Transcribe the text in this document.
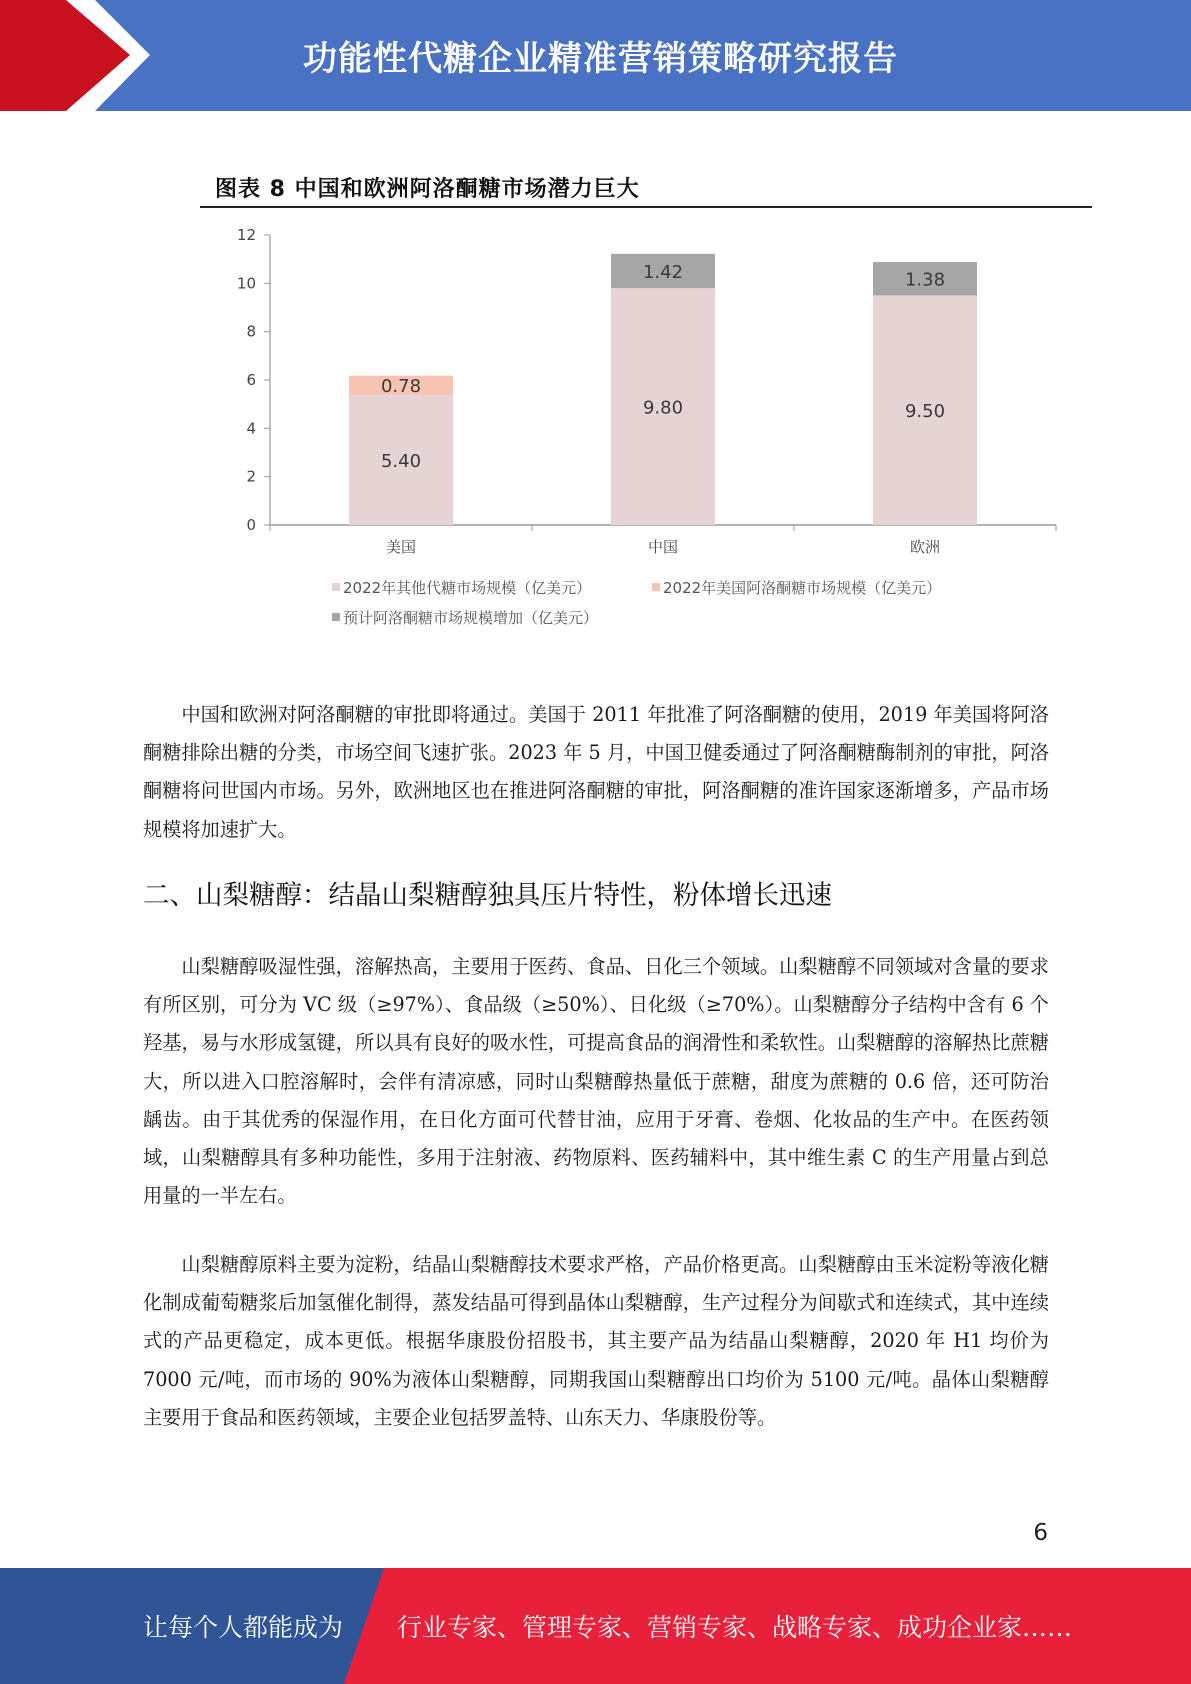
功能性代糖企业精准营销策略研究报告
图表 8 中国和欧洲阿洛酮糖市场潜力巨大
0
2
4
6
8
10
12
5.40
0.78
美国
9.80
1.42
中国
9.50
1.38
欧洲
2022年其他代糖市场规模（亿美元）	2022年美国阿洛酮糖市场规模（亿美元）
预计阿洛酮糖市场规模增加（亿美元）

中国和欧洲对阿洛酮糖的审批即将通过。美国于 2011 年批准了阿洛酮糖的使用，2019 年美国将阿洛酮糖排除出糖的分类，市场空间飞速扩张。2023 年 5 月，中国卫健委通过了阿洛酮糖酶制剂的审批，阿洛酮糖将问世国内市场。另外，欧洲地区也在推进阿洛酮糖的审批，阿洛酮糖的准许国家逐渐增多，产品市场规模将加速扩大。

二、山梨糖醇：结晶山梨糖醇独具压片特性，粉体增长迅速

山梨糖醇吸湿性强，溶解热高，主要用于医药、食品、日化三个领域。山梨糖醇不同领域对含量的要求有所区别，可分为 VC 级（≥97%）、食品级（≥50%）、日化级（≥70%）。山梨糖醇分子结构中含有 6 个羟基，易与水形成氢键，所以具有良好的吸水性，可提高食品的润滑性和柔软性。山梨糖醇的溶解热比蔗糖大，所以进入口腔溶解时，会伴有清凉感，同时山梨糖醇热量低于蔗糖，甜度为蔗糖的 0.6 倍，还可防治龋齿。由于其优秀的保湿作用，在日化方面可代替甘油，应用于牙膏、卷烟、化妆品的生产中。在医药领域，山梨糖醇具有多种功能性，多用于注射液、药物原料、医药辅料中，其中维生素 C 的生产用量占到总用量的一半左右。

山梨糖醇原料主要为淀粉，结晶山梨糖醇技术要求严格，产品价格更高。山梨糖醇由玉米淀粉等液化糖化制成葡萄糖浆后加氢催化制得，蒸发结晶可得到晶体山梨糖醇，生产过程分为间歇式和连续式，其中连续式的产品更稳定，成本更低。根据华康股份招股书，其主要产品为结晶山梨糖醇，2020 年 H1 均价为 7000 元/吨，而市场的 90%为液体山梨糖醇，同期我国山梨糖醇出口均价为 5100 元/吨。晶体山梨糖醇主要用于食品和医药领域，主要企业包括罗盖特、山东天力、华康股份等。

6
让每个人都能成为 行业专家、管理专家、营销专家、战略专家、成功企业家……
